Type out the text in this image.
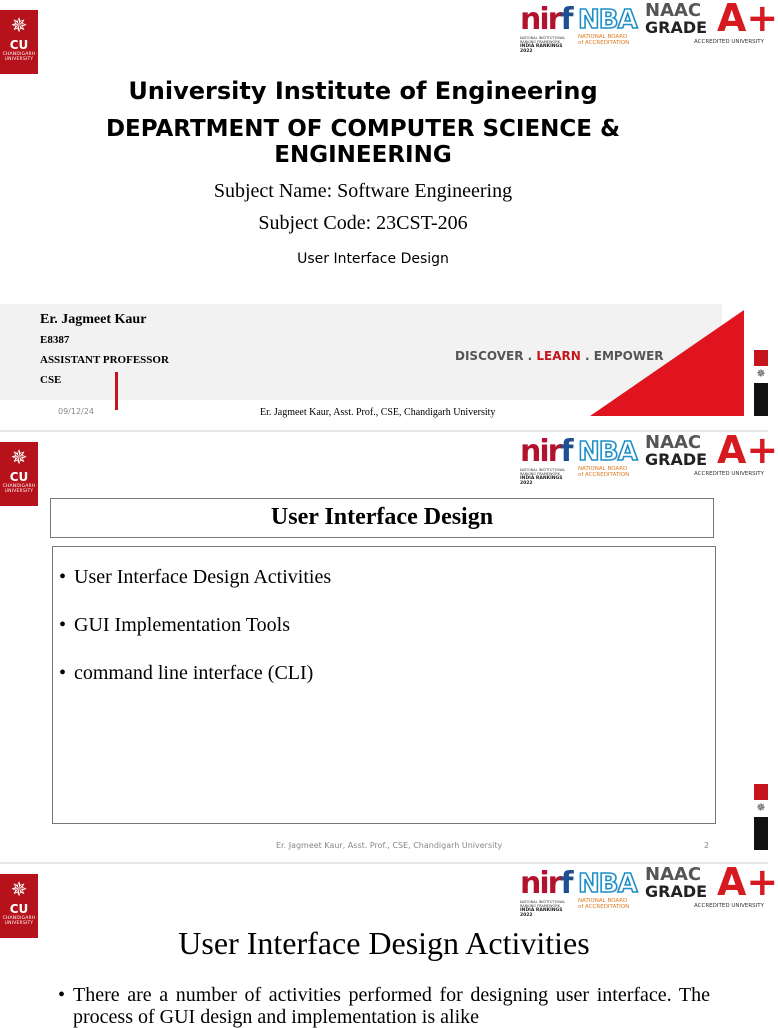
✵
CU
CHANDIGARH UNIVERSITY
nirf
NATIONAL INSTITUTIONAL RANKING FRAMEWORK
INDIA RANKINGS 2022
NBA
NATIONAL BOARD
of ACCREDITATION
NAAC
GRADE A+
ACCREDITED UNIVERSITY
University Institute of Engineering
DEPARTMENT OF COMPUTER SCIENCE & ENGINEERING
Subject Name: Software Engineering
Subject Code: 23CST-206
User Interface Design
Er. Jagmeet Kaur
E8387
ASSISTANT PROFESSOR
CSE
DISCOVER . LEARN . EMPOWER
09/12/24	Er. Jagmeet Kaur, Asst. Prof., CSE, Chandigarh University
✵
✵
CU
CHANDIGARH UNIVERSITY
nirf
NATIONAL INSTITUTIONAL RANKING FRAMEWORK
INDIA RANKINGS 2022
NBA
NATIONAL BOARD
of ACCREDITATION
NAAC
GRADE A+
ACCREDITED UNIVERSITY
User Interface Design
• User Interface Design Activities
• GUI Implementation Tools
• command line interface (CLI)
Er. Jagmeet Kaur, Asst. Prof., CSE, Chandigarh University	2
✵
✵
CU
CHANDIGARH UNIVERSITY
nirf
NATIONAL INSTITUTIONAL RANKING FRAMEWORK
INDIA RANKINGS 2022
NBA
NATIONAL BOARD
of ACCREDITATION
NAAC
GRADE A+
ACCREDITED UNIVERSITY
User Interface Design Activities
• There are a number of activities performed for designing user interface. The process of GUI design and implementation is alike
